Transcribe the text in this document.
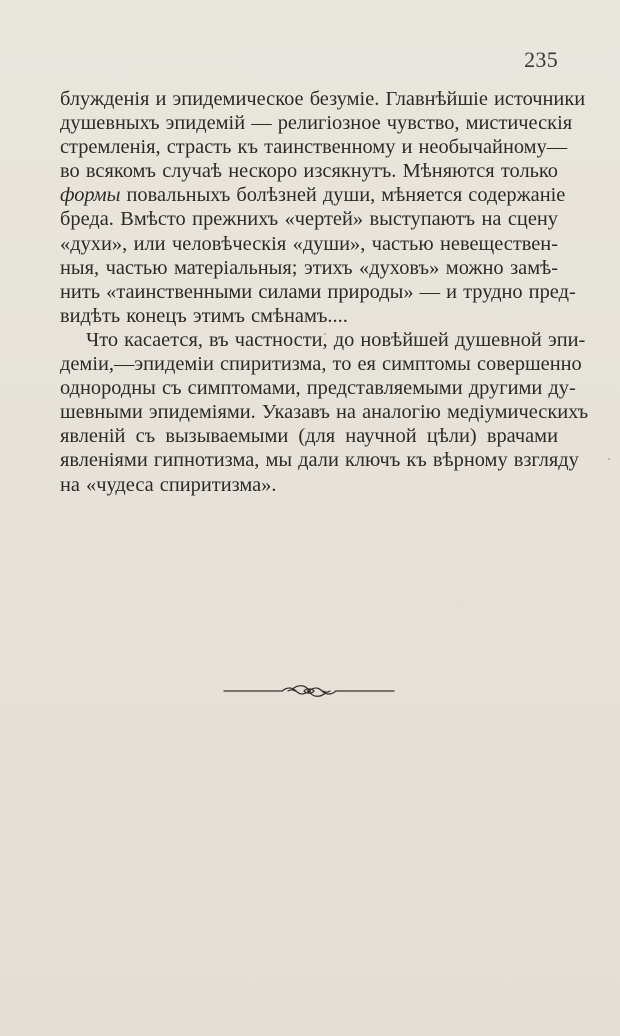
235

блужденія и эпидемическое безуміе. Главнѣйшіе источники
душевныхъ эпидемій — религіозное чувство, мистическія
стремленія, страсть къ таинственному и необычайному—
во всякомъ случаѣ нескоро изсякнутъ. Мѣняются только
формы повальныхъ болѣзней души, мѣняется содержаніе
бреда. Вмѣсто прежнихъ «чертей» выступаютъ на сцену
«духи», или человѣческія «души», частью невеществен-
ныя, частью матеріальныя; этихъ «духовъ» можно замѣ-
нить «таинственными силами природы» — и трудно пред-
видѣть конецъ этимъ смѣнамъ....

Что касается, въ частности, до новѣйшей душевной эпи-
деміи,—эпидеміи спиритизма, то ея симптомы совершенно
однородны съ симптомами, представляемыми другими ду-
шевными эпидеміями. Указавъ на аналогію медіумическихъ
явленій съ вызываемыми (для научной цѣли) врачами
явленіями гипнотизма, мы дали ключъ къ вѣрному взгляду
на «чудеса спиритизма».
